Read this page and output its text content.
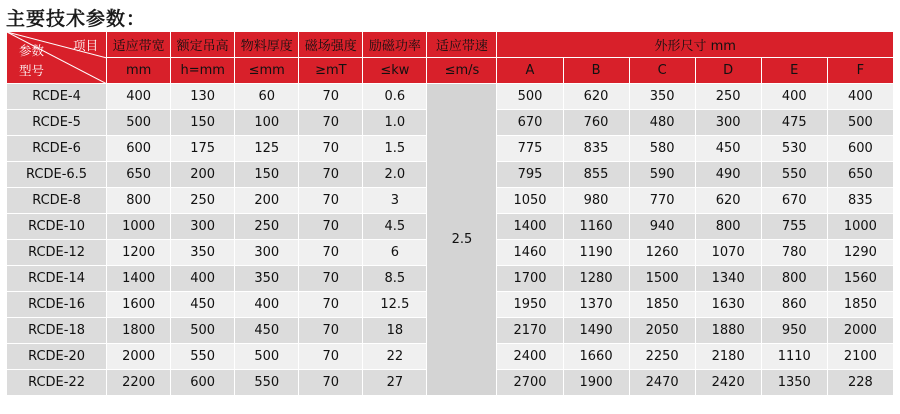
主要技术参数：
项目
参数
型号	适应带宽	额定吊高	物料厚度	磁场强度	励磁功率	适应带速	外形尺寸 mm					
	mm	h=mm	≤mm	≥mT	≤kw	≤m/s	A	B	C	D	E	F
RCDE-4	400	130	60	70	0.6	2.5	500	620	350	250	400	400
RCDE-5	500	150	100	70	1.0		670	760	480	300	475	500
RCDE-6	600	175	125	70	1.5		775	835	580	450	530	600
RCDE-6.5	650	200	150	70	2.0		795	855	590	490	550	650
RCDE-8	800	250	200	70	3		1050	980	770	620	670	835
RCDE-10	1000	300	250	70	4.5		1400	1160	940	800	755	1000
RCDE-12	1200	350	300	70	6		1460	1190	1260	1070	780	1290
RCDE-14	1400	400	350	70	8.5		1700	1280	1500	1340	800	1560
RCDE-16	1600	450	400	70	12.5		1950	1370	1850	1630	860	1850
RCDE-18	1800	500	450	70	18		2170	1490	2050	1880	950	2000
RCDE-20	2000	550	500	70	22		2400	1660	2250	2180	1110	2100
RCDE-22	2200	600	550	70	27		2700	1900	2470	2420	1350	228
